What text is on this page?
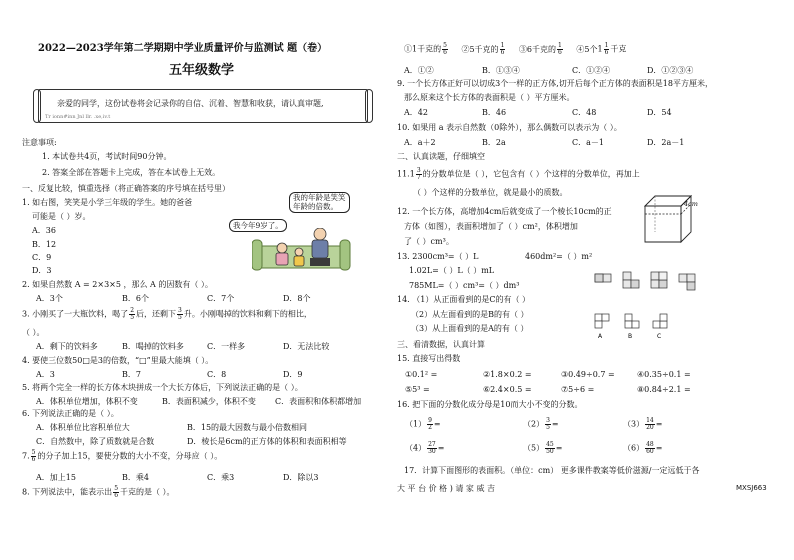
2022—2023学年第二学期期中学业质量评价与监测试 题（卷）
五年级数学
亲爱的同学，这份试卷将会记录你的自信、沉着、智慧和收获，请认真审题,
Tr ionn#inn Jnl llr. .xe,iv.t
注意事项:
1. 本试卷共4页，考试时间90分钟。
2. 答案全部在答题卡上完成，答在本试卷上无效。
一、反复比较，慎重选择（将正确答案的序号填在括号里）
1. 如右图，笑笑是小学三年级的学生。她的爸爸
可能是（ ）岁。
A．36
B．12
C．9
D．3
我的年龄是笑笑
年龄的倍数。
我今年9岁了。
2. 如果自然数 A = 2×3×5 ，那么 A 的因数有（ ）。
A．3个	B．6个	C．7个	D．8个
3. 小刚买了一大瓶饮料，喝了 $\frac{2}{5}$ 后，还剩下 $\frac{3}{5}$ 升。小刚喝掉的饮料和剩下的相比，
（ ）。
A．剩下的饮料多	B．喝掉的饮料多	C．一样多	D．无法比较
4. 要使三位数50□是3的倍数，“□”里最大能填（ ）。
A．3	B．7	C．8	D．9
5. 将两个完全一样的长方体木块拼成一个大长方体后，下列说法正确的是（ ）。
A．体积单位增加，体积不变	B．表面积减少，体积不变 C．表面积和体积都增加
6. 下列说法正确的是（ ）。
A．体积单位比容积单位大	B．15的最大因数与最小倍数相同
C．自然数中，除了质数就是合数	D．棱长是6cm的正方体的体积和表面积相等
7. $\frac{5}{6}$ 的分子加上15，要使分数的大小不变，分母应（ ）。
A．加上15	B．乘4	C．乘3	D．除以3
8. 下列说法中，能表示出 $\frac{5}{6}$ 千克的是（ ）。
①1千克的 $\frac{5}{6}$ ②5千克的 $\frac{1}{6}$ ③6千克的 $\frac{1}{6}$ ④5个$1 \frac{1}{6}$ 千克
A．①②	B．①③④	C．①②④	D．①②③④
9. 一个长方体正好可以切成3个一样的正方体,切开后每个正方体的表面积是18平方厘米，
那么原来这个长方体的表面积是（ ）平方厘米。
A．42	B．46	C．48	D．54
10. 如果用 a 表示自然数（0除外），那么偶数可以表示为（ ）。
A．a＋2	B．2a	C．a－1	D．2a－1
二、认真读题，仔细填空
$11.1 \frac{3}{7}$ 的分数单位是（ ），它包含有（ ）个这样的分数单位，再加上
（ ）个这样的分数单位，就是最小的质数。
12. 一个长方体，高增加4cm后就变成了一个棱长10cm的正
方体（如图），表面积增加了（ ）cm²，体积增加
了（ ）cm³。
4cm
13. 2300cm³=（ ）L	460dm²=（ ）m²
1.02L=（ ）L（ ）mL
785ML=（ ）cm³=（ ）dm³
14. （1）从正面看到的是C的有（ ）
（2）从左面看到的是B的有（ ）
（3）从上面看到的是A的有（ ）
A	B	C
三、看清数据，认真计算
15. 直接写出得数
①0.1² =	②1.8×0.2 =	③0.49÷0.7 =	④0.35÷0.1 =
⑤5³ =	⑥2.4×0.5 =	⑦5÷6 =	⑧0.84÷2.1 =
16. 把下面的分数化成分母是10而大小不变的分数。
$(1) \frac{9}{2}$ =	$(2) \frac{3}{5}$ =	$(3) \frac{14}{20}$ =
$(4) \frac{27}{30}$ =	$(5) \frac{45}{50}$ =	$(6) \frac{48}{60}$ =
17．计算下面图形的表面积。（单位：cm） 更多课件教案等低价滋源/一定远低于各
大 平 台 价 格 ) 请 家 威 吉	MXSJ663
